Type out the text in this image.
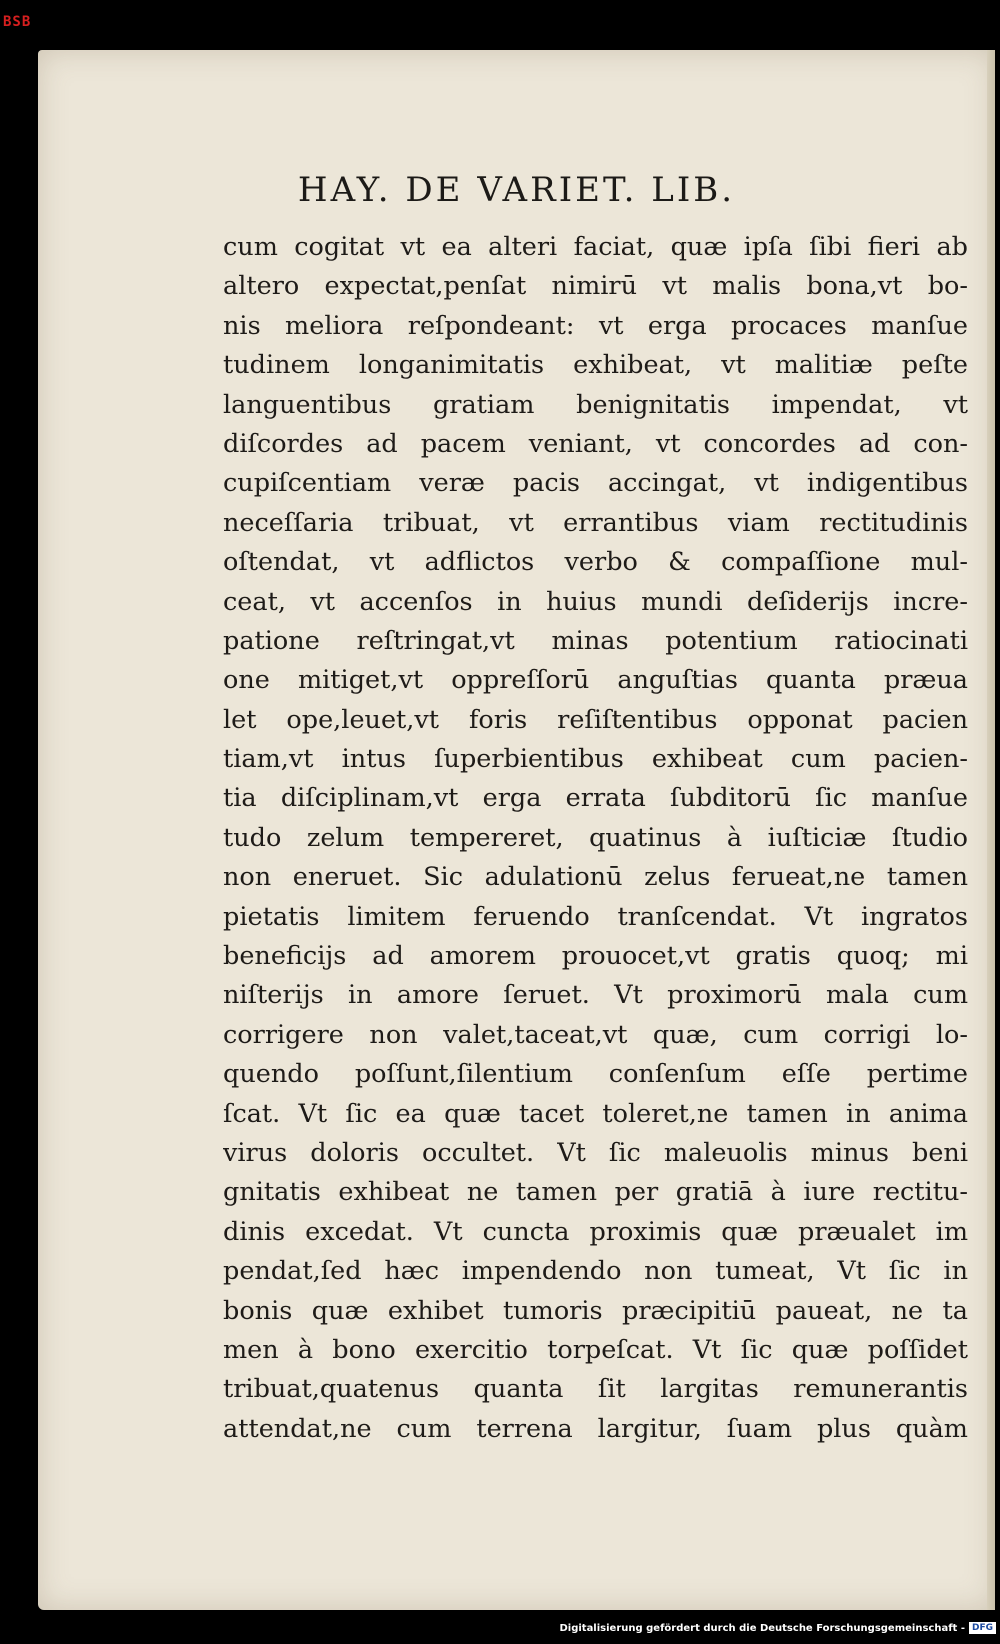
BSB
HAY. DE VARIET. LIB.
cum cogitat vt ea alteri faciat, quæ ipſa ſibi fieri ab
altero expectat,penſat nimirū vt malis bona,vt bo-
nis meliora reſpondeant: vt erga procaces manſue
tudinem longanimitatis exhibeat, vt malitiæ peſte
languentibus gratiam benignitatis impendat, vt
diſcordes ad pacem veniant, vt concordes ad con-
cupiſcentiam veræ pacis accingat, vt indigentibus
neceſſaria tribuat, vt errantibus viam rectitudinis
oſtendat, vt adflictos verbo & compaſſione mul-
ceat, vt accenſos in huius mundi deſiderijs incre-
patione reſtringat,vt minas potentium ratiocinati
one mitiget,vt oppreſſorū anguſtias quanta præua
let ope,leuet,vt foris reſiſtentibus opponat pacien
tiam,vt intus ſuperbientibus exhibeat cum pacien-
tia diſciplinam,vt erga errata ſubditorū ſic manſue
tudo zelum tempereret, quatinus à iuſticiæ ſtudio
non eneruet. Sic adulationū zelus ferueat,ne tamen
pietatis limitem feruendo tranſcendat. Vt ingratos
beneficijs ad amorem prouocet,vt gratis quoq; mi
niſterijs in amore ſeruet. Vt proximorū mala cum
corrigere non valet,taceat,vt quæ, cum corrigi lo-
quendo poſſunt,ſilentium conſenſum eſſe pertime
ſcat. Vt ſic ea quæ tacet toleret,ne tamen in anima
virus doloris occultet. Vt ſic maleuolis minus beni
gnitatis exhibeat ne tamen per gratiā à iure rectitu-
dinis excedat. Vt cuncta proximis quæ præualet im
pendat,ſed hæc impendendo non tumeat, Vt ſic in
bonis quæ exhibet tumoris præcipitiū paueat, ne ta
men à bono exercitio torpeſcat. Vt ſic quæ poſſidet
tribuat,quatenus quanta ſit largitas remunerantis
attendat,ne cum terrena largitur, ſuam plus quàm
Digitalisierung gefördert durch die Deutsche Forschungsgemeinschaft - DFG
